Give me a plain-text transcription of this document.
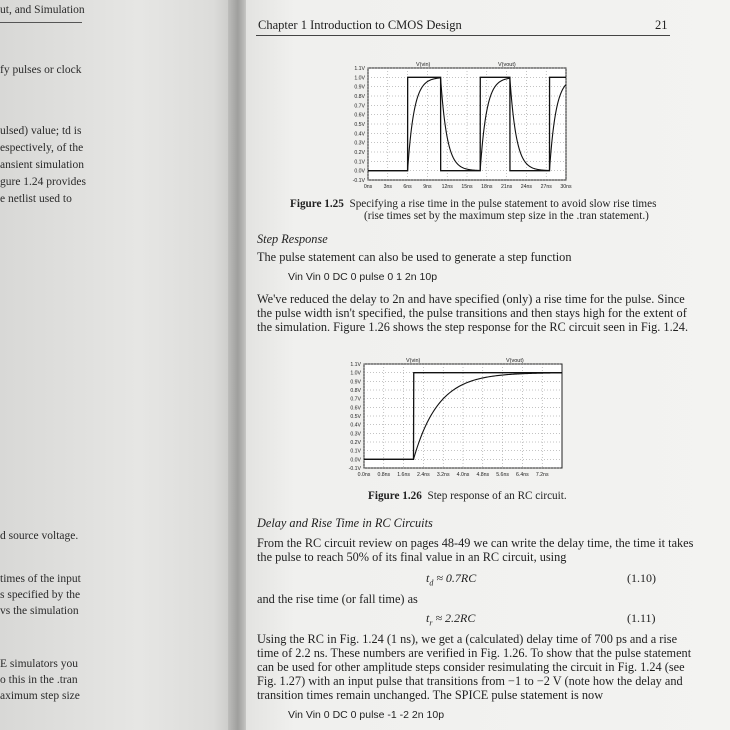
ut, and Simulation
fy pulses or clock
ulsed) value; td is
espectively, of the
ansient simulation
gure 1.24 provides
e netlist used to
d source voltage.
times of the input
s specified by the
vs the simulation
E simulators you
o this in the .tran
aximum step size
Chapter 1 Introduction to CMOS Design	21
1.1V
1.0V
0.9V
0.8V
0.7V
0.6V
0.5V
0.4V
0.3V
0.2V
0.1V
0.0V
-0.1V
0ns 3ns 6ns 9ns 12ns 15ns 18ns 21ns 24ns 27ns 30ns
V(vin)	V(vout)
Figure 1.25 Specifying a rise time in the pulse statement to avoid slow rise times
(rise times set by the maximum step size in the .tran statement.)
Step Response
The pulse statement can also be used to generate a step function
Vin Vin 0 DC 0 pulse 0 1 2n 10p
We've reduced the delay to 2n and have specified (only) a rise time for the pulse. Since
the pulse width isn't specified, the pulse transitions and then stays high for the extent of
the simulation. Figure 1.26 shows the step response for the RC circuit seen in Fig. 1.24.
1.1V
1.0V
0.9V
0.8V
0.7V
0.6V
0.5V
0.4V
0.3V
0.2V
0.1V
0.0V
-0.1V
0.0ns 0.8ns 1.6ns 2.4ns 3.2ns 4.0ns 4.8ns 5.6ns 6.4ns 7.2ns
V(vin)	V(vout)
Figure 1.26 Step response of an RC circuit.
Delay and Rise Time in RC Circuits
From the RC circuit review on pages 48-49 we can write the delay time, the time it takes
the pulse to reach 50% of its final value in an RC circuit, using
$t_d \approx 0.7RC$	(1.10)
and the rise time (or fall time) as
$t_r \approx 2.2RC$	(1.11)
Using the RC in Fig. 1.24 (1 ns), we get a (calculated) delay time of 700 ps and a rise
time of 2.2 ns. These numbers are verified in Fig. 1.26. To show that the pulse statement
can be used for other amplitude steps consider resimulating the circuit in Fig. 1.24 (see
Fig. 1.27) with an input pulse that transitions from −1 to −2 V (note how the delay and
transition times remain unchanged. The SPICE pulse statement is now
Vin Vin 0 DC 0 pulse -1 -2 2n 10p
